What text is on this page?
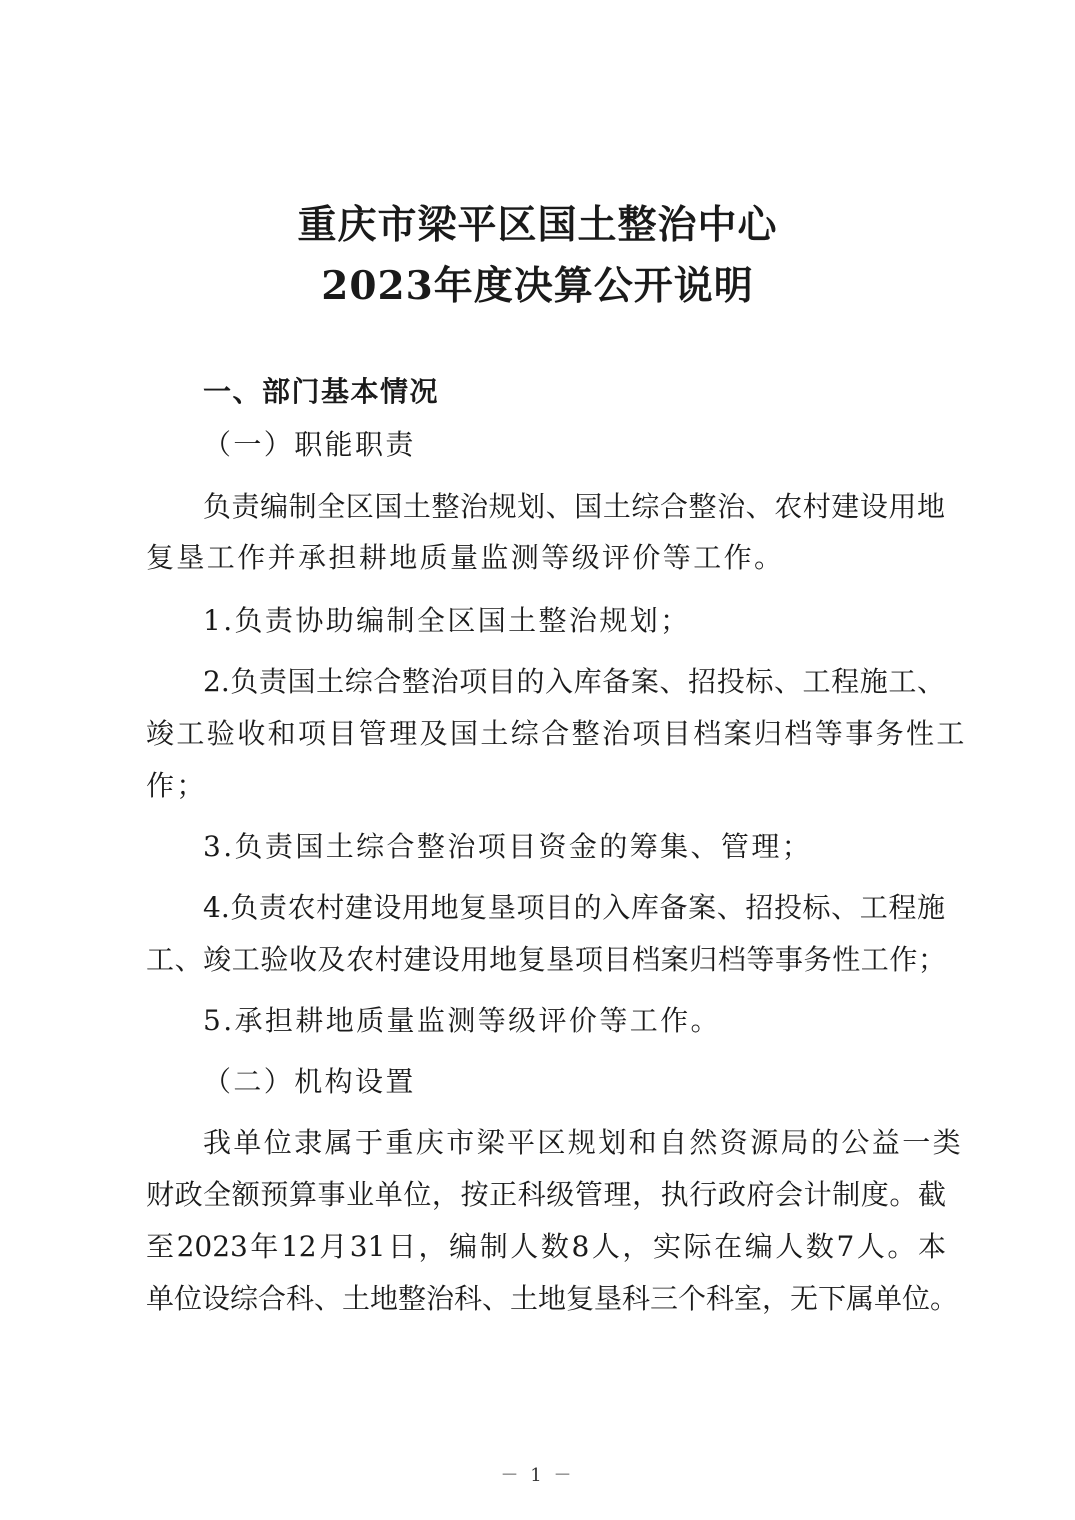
重庆市梁平区国土整治中心
2023年度决算公开说明
一、部门基本情况
（一）职能职责
负责编制全区国土整治规划、国土综合整治、农村建设用地
复垦工作并承担耕地质量监测等级评价等工作。
1.负责协助编制全区国土整治规划；
2.负责国土综合整治项目的入库备案、招投标、工程施工、
竣工验收和项目管理及国土综合整治项目档案归档等事务性工
作；
3.负责国土综合整治项目资金的筹集、管理；
4.负责农村建设用地复垦项目的入库备案、招投标、工程施
工、竣工验收及农村建设用地复垦项目档案归档等事务性工作；
5.承担耕地质量监测等级评价等工作。
（二）机构设置
我单位隶属于重庆市梁平区规划和自然资源局的公益一类
财政全额预算事业单位，按正科级管理，执行政府会计制度。截
至2023年12月31日，编制人数8人，实际在编人数7人。本
单位设综合科、土地整治科、土地复垦科三个科室，无下属单位。
－ 1 －
